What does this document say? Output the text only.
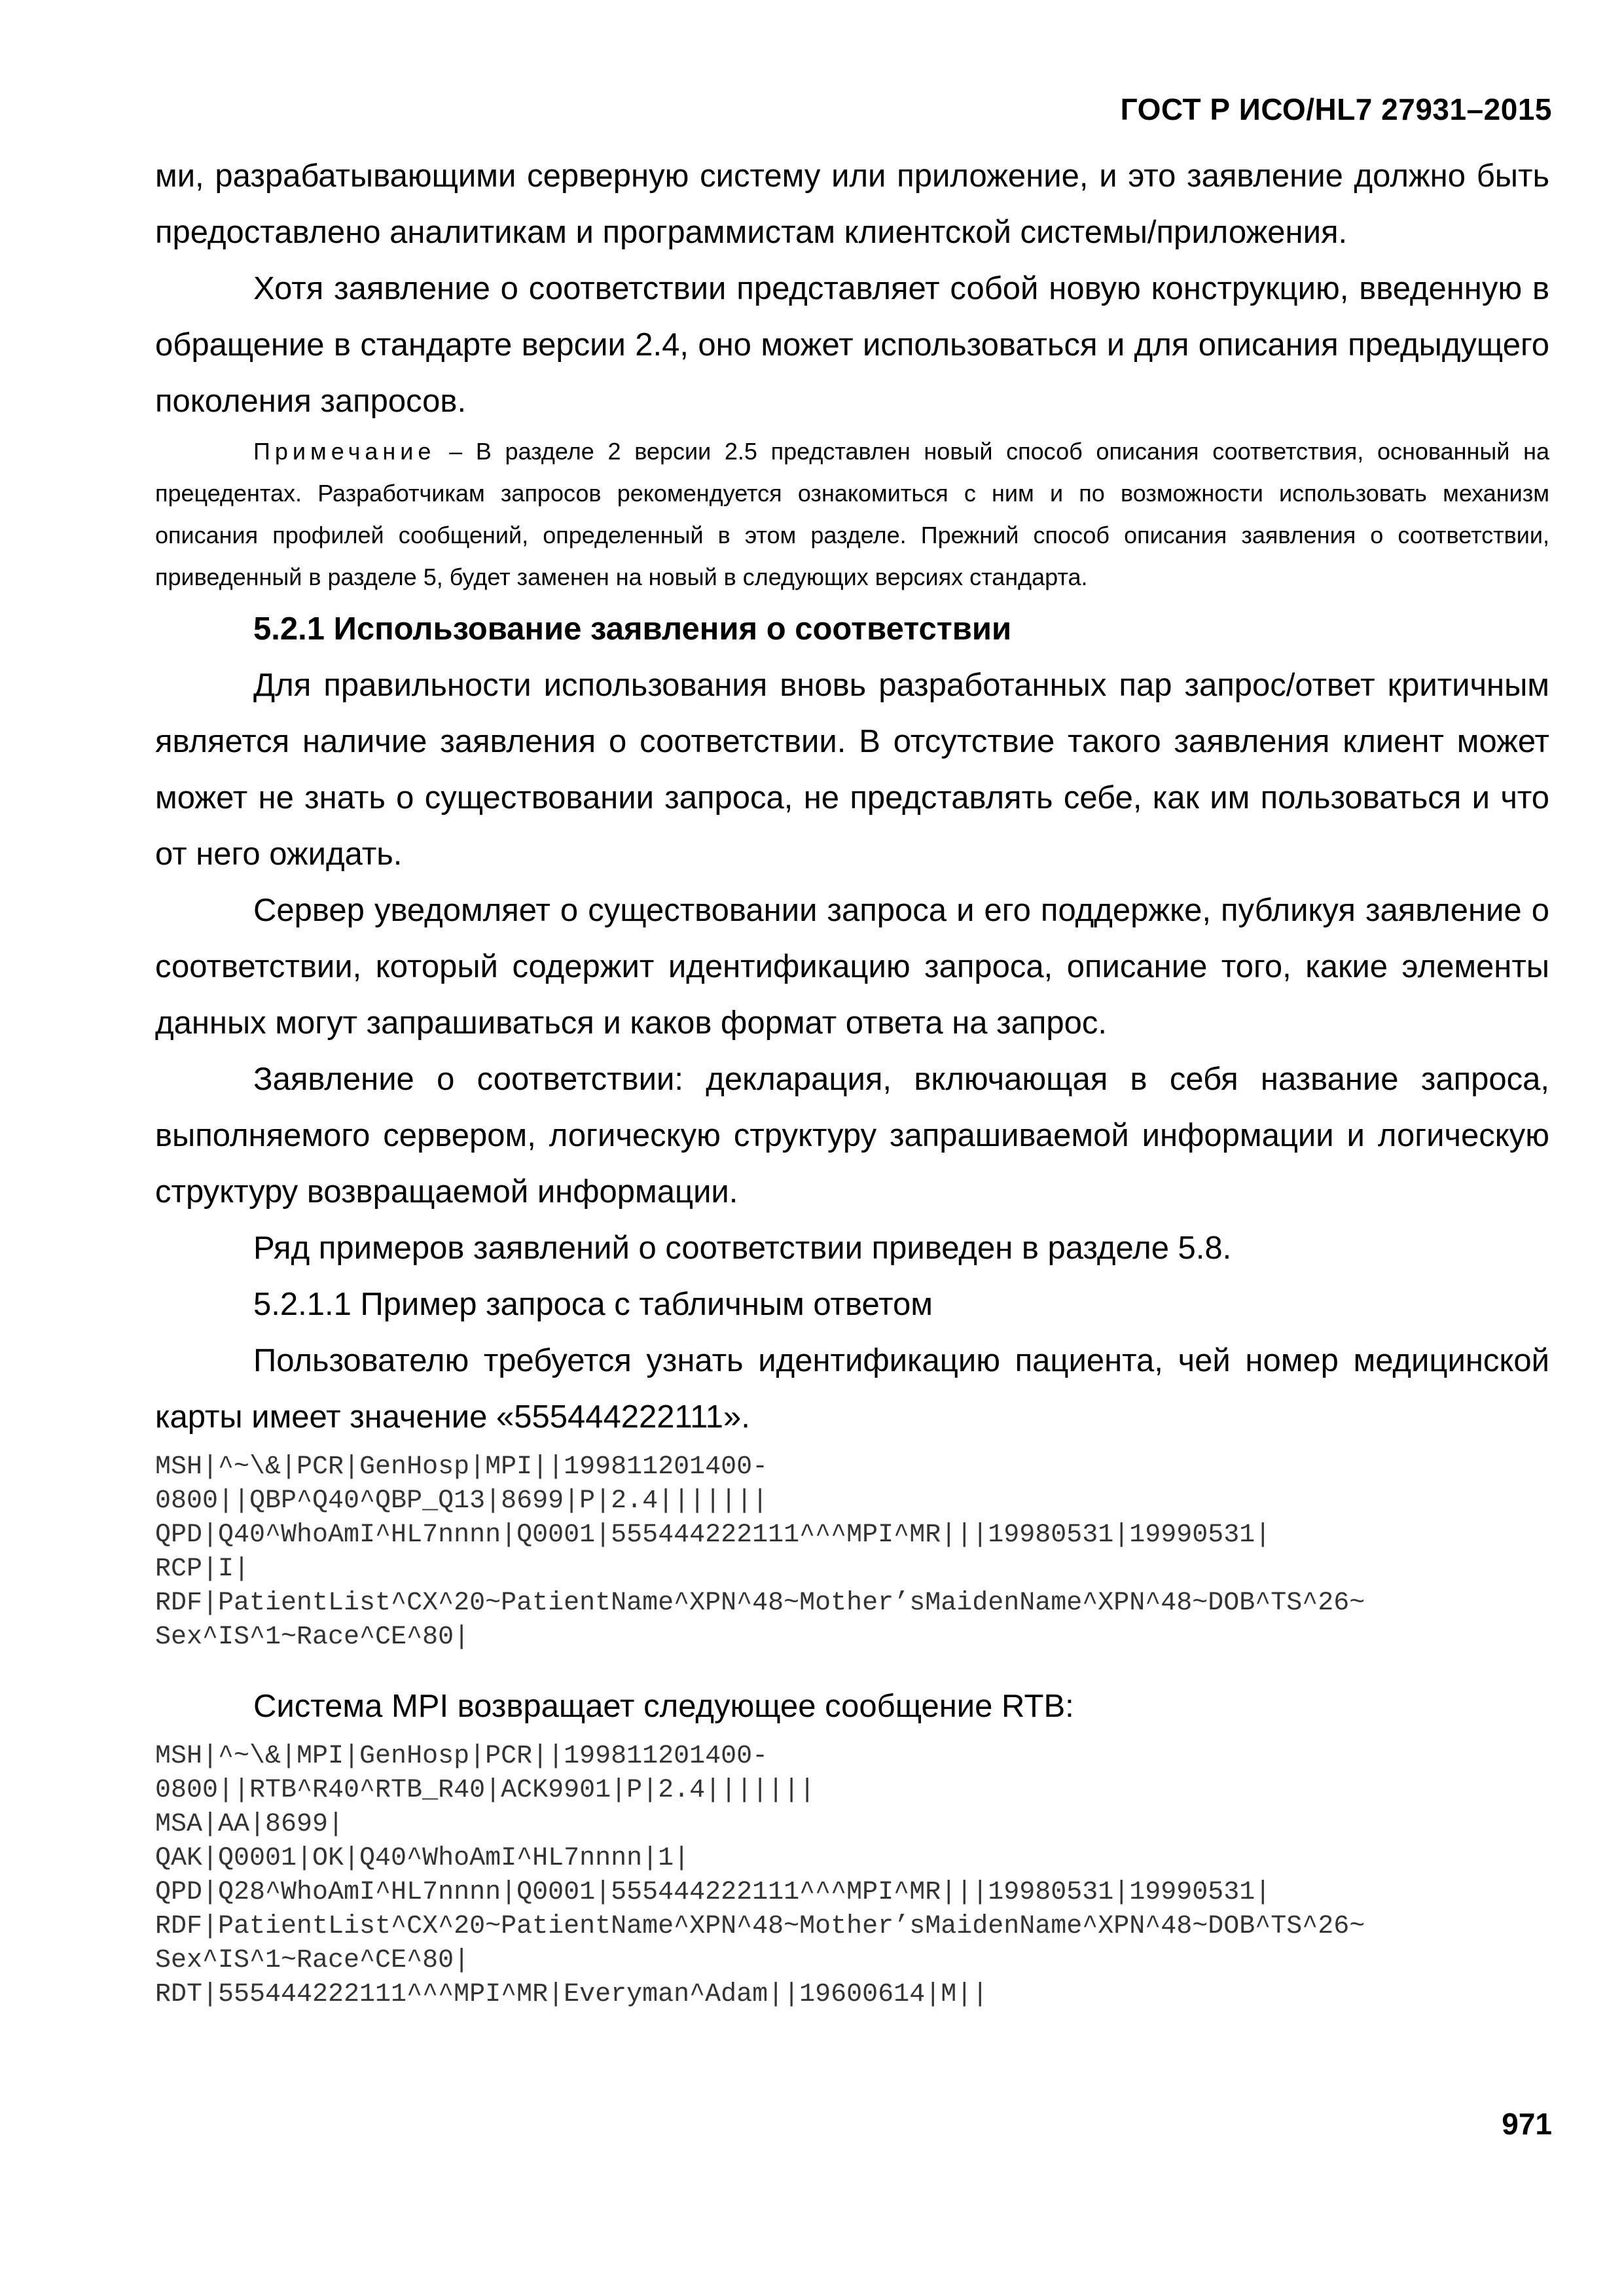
ГОСТ Р ИСО/HL7 27931–2015

ми, разрабатывающими серверную систему или приложение, и это заявление должно быть предоставлено аналитикам и программистам клиентской системы/приложения.

Хотя заявление о соответствии представляет собой новую конструкцию, введенную в обращение в стандарте версии 2.4, оно может использоваться и для описания предыдущего поколения запросов.

Примечание – В разделе 2 версии 2.5 представлен новый способ описания соответствия, основанный на прецедентах. Разработчикам запросов рекомендуется ознакомиться с ним и по возможности использовать механизм описания профилей сообщений, определенный в этом разделе. Прежний способ описания заявления о соответствии, приведенный в разделе 5, будет заменен на новый в следующих версиях стандарта.

5.2.1 Использование заявления о соответствии

Для правильности использования вновь разработанных пар запрос/ответ критичным является наличие заявления о соответствии. В отсутствие такого заявления клиент может может не знать о существовании запроса, не представлять себе, как им пользоваться и что от него ожидать.

Сервер уведомляет о существовании запроса и его поддержке, публикуя заявление о соответствии, который содержит идентификацию запроса, описание того, какие элементы данных могут запрашиваться и каков формат ответа на запрос.

Заявление о соответствии: декларация, включающая в себя название запроса, выполняемого сервером, логическую структуру запрашиваемой информации и логическую структуру возвращаемой информации.

Ряд примеров заявлений о соответствии приведен в разделе 5.8.

5.2.1.1 Пример запроса с табличным ответом

Пользователю требуется узнать идентификацию пациента, чей номер медицинской карты имеет значение «555444222111».

MSH|^~\&|PCR|GenHosp|MPI||199811201400-
0800||QBP^Q40^QBP_Q13|8699|P|2.4|||||||
QPD|Q40^WhoAmI^HL7nnnn|Q0001|555444222111^^^MPI^MR|||19980531|19990531|
RCP|I|
RDF|PatientList^CX^20~PatientName^XPN^48~Mother’sMaidenName^XPN^48~DOB^TS^26~
Sex^IS^1~Race^CE^80|

Система MPI возвращает следующее сообщение RTB:

MSH|^~\&|MPI|GenHosp|PCR||199811201400-
0800||RTB^R40^RTB_R40|ACK9901|P|2.4|||||||
MSA|AA|8699|
QAK|Q0001|OK|Q40^WhoAmI^HL7nnnn|1|
QPD|Q28^WhoAmI^HL7nnnn|Q0001|555444222111^^^MPI^MR|||19980531|19990531|
RDF|PatientList^CX^20~PatientName^XPN^48~Mother’sMaidenName^XPN^48~DOB^TS^26~
Sex^IS^1~Race^CE^80|
RDT|555444222111^^^MPI^MR|Everyman^Adam||19600614|M||
971
